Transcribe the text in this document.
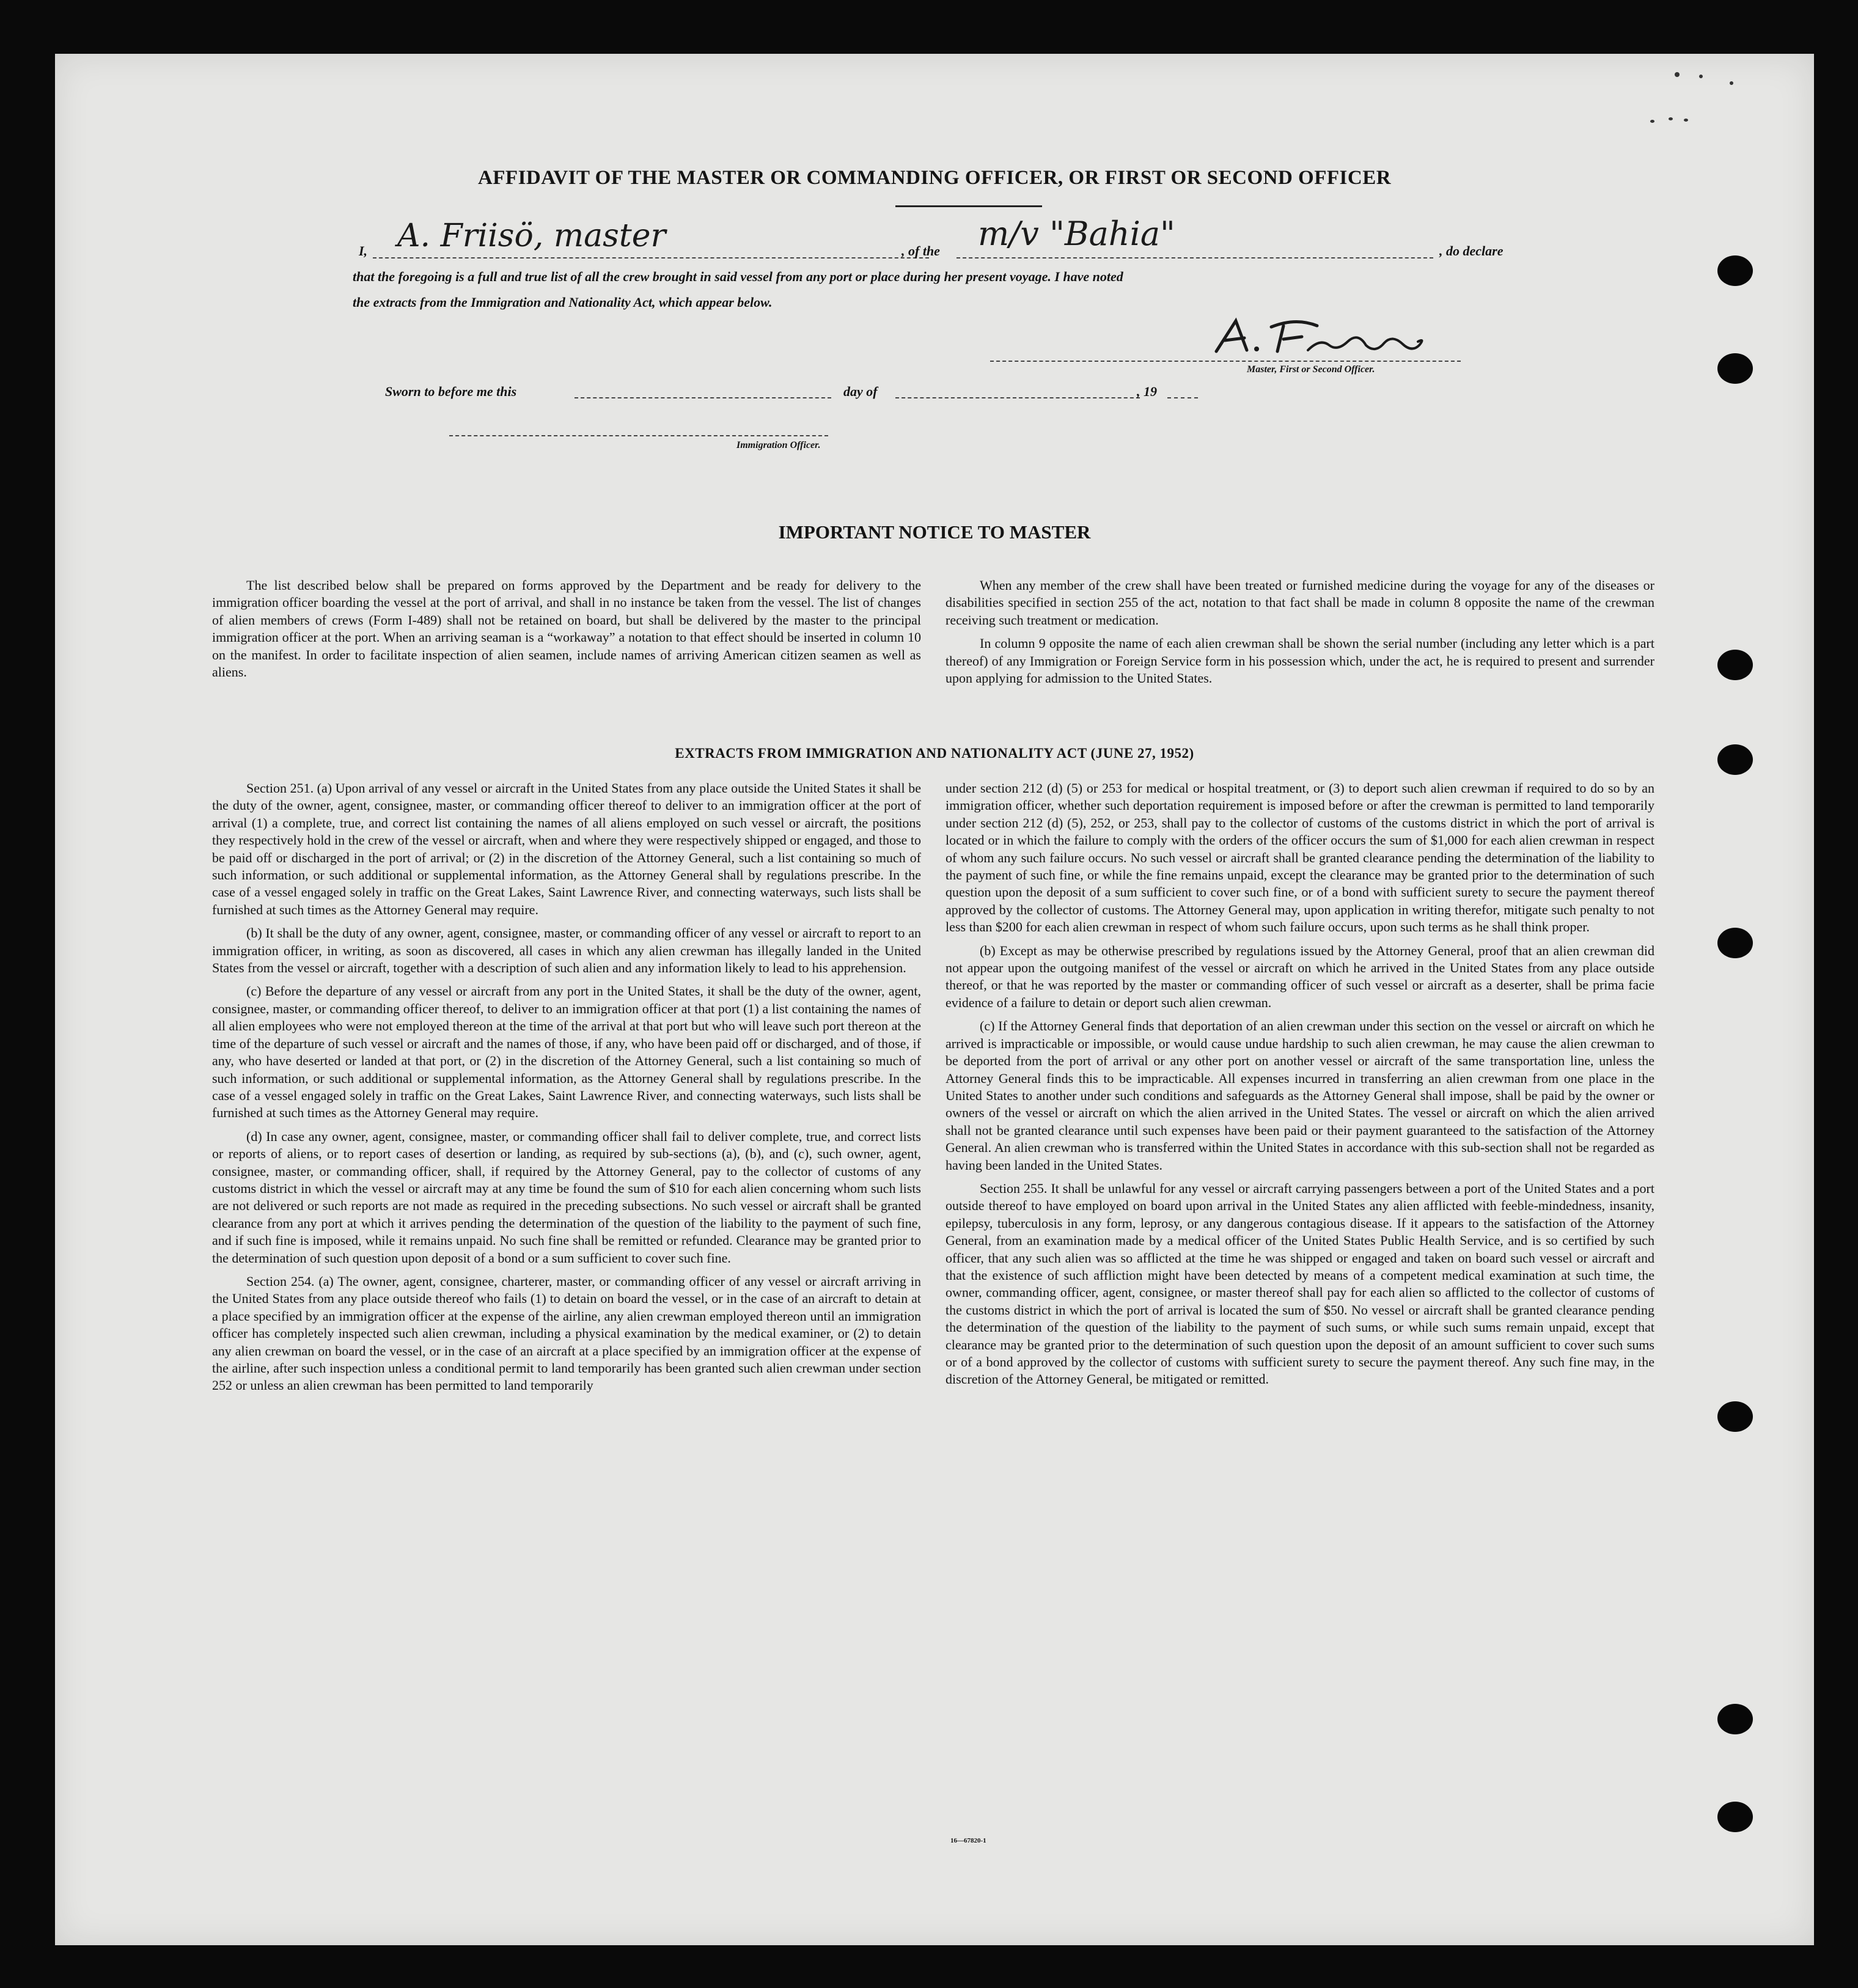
AFFIDAVIT OF THE MASTER OR COMMANDING OFFICER, OR FIRST OR SECOND OFFICER
I, A. Friisö, master	, of the m/v "Bahia"	, do declare
that the foregoing is a full and true list of all the crew brought in said vessel from any port or place during her present voyage. I have noted
the extracts from the Immigration and Nationality Act, which appear below.
Master, First or Second Officer.
Sworn to before me this	day of	, 19
Immigration Officer.
IMPORTANT NOTICE TO MASTER

The list described below shall be prepared on forms approved by the Department and be ready for delivery to the immigration officer boarding the vessel at the port of arrival, and shall in no instance be taken from the vessel. The list of changes of alien members of crews (Form I-489) shall not be retained on board, but shall be delivered by the master to the principal immigration officer at the port. When an arriving seaman is a “workaway” a notation to that effect should be inserted in column 10 on the manifest. In order to facilitate inspection of alien seamen, include names of arriving American citizen seamen as well as aliens.

When any member of the crew shall have been treated or furnished medicine during the voyage for any of the diseases or disabilities specified in section 255 of the act, notation to that fact shall be made in column 8 opposite the name of the crewman receiving such treatment or medication.

In column 9 opposite the name of each alien crewman shall be shown the serial number (including any letter which is a part thereof) of any Immigration or Foreign Service form in his possession which, under the act, he is required to present and surrender upon applying for admission to the United States.

EXTRACTS FROM IMMIGRATION AND NATIONALITY ACT (JUNE 27, 1952)

Section 251. (a) Upon arrival of any vessel or aircraft in the United States from any place outside the United States it shall be the duty of the owner, agent, consignee, master, or commanding officer thereof to deliver to an immigration officer at the port of arrival (1) a complete, true, and correct list containing the names of all aliens employed on such vessel or aircraft, the positions they respectively hold in the crew of the vessel or aircraft, when and where they were respectively shipped or engaged, and those to be paid off or discharged in the port of arrival; or (2) in the discretion of the Attorney General, such a list containing so much of such information, or such additional or supplemental information, as the Attorney General shall by regulations prescribe. In the case of a vessel engaged solely in traffic on the Great Lakes, Saint Lawrence River, and connecting waterways, such lists shall be furnished at such times as the Attorney General may require.

(b) It shall be the duty of any owner, agent, consignee, master, or commanding officer of any vessel or aircraft to report to an immigration officer, in writing, as soon as discovered, all cases in which any alien crewman has illegally landed in the United States from the vessel or aircraft, together with a description of such alien and any information likely to lead to his apprehension.

(c) Before the departure of any vessel or aircraft from any port in the United States, it shall be the duty of the owner, agent, consignee, master, or commanding officer thereof, to deliver to an immigration officer at that port (1) a list containing the names of all alien employees who were not employed thereon at the time of the arrival at that port but who will leave such port thereon at the time of the departure of such vessel or aircraft and the names of those, if any, who have been paid off or discharged, and of those, if any, who have deserted or landed at that port, or (2) in the discretion of the Attorney General, such a list containing so much of such information, or such additional or supplemental information, as the Attorney General shall by regulations prescribe. In the case of a vessel engaged solely in traffic on the Great Lakes, Saint Lawrence River, and connecting waterways, such lists shall be furnished at such times as the Attorney General may require.

(d) In case any owner, agent, consignee, master, or commanding officer shall fail to deliver complete, true, and correct lists or reports of aliens, or to report cases of desertion or landing, as required by sub-sections (a), (b), and (c), such owner, agent, consignee, master, or commanding officer, shall, if required by the Attorney General, pay to the collector of customs of any customs district in which the vessel or aircraft may at any time be found the sum of $10 for each alien concerning whom such lists are not delivered or such reports are not made as required in the preceding subsections. No such vessel or aircraft shall be granted clearance from any port at which it arrives pending the determination of the question of the liability to the payment of such fine, and if such fine is imposed, while it remains unpaid. No such fine shall be remitted or refunded. Clearance may be granted prior to the determination of such question upon deposit of a bond or a sum sufficient to cover such fine.

Section 254. (a) The owner, agent, consignee, charterer, master, or commanding officer of any vessel or aircraft arriving in the United States from any place outside thereof who fails (1) to detain on board the vessel, or in the case of an aircraft to detain at a place specified by an immigration officer at the expense of the airline, any alien crewman employed thereon until an immigration officer has completely inspected such alien crewman, including a physical examination by the medical examiner, or (2) to detain any alien crewman on board the vessel, or in the case of an aircraft at a place specified by an immigration officer at the expense of the airline, after such inspection unless a conditional permit to land temporarily has been granted such alien crewman under section 252 or unless an alien crewman has been permitted to land temporarily

under section 212 (d) (5) or 253 for medical or hospital treatment, or (3) to deport such alien crewman if required to do so by an immigration officer, whether such deportation requirement is imposed before or after the crewman is permitted to land temporarily under section 212 (d) (5), 252, or 253, shall pay to the collector of customs of the customs district in which the port of arrival is located or in which the failure to comply with the orders of the officer occurs the sum of $1,000 for each alien crewman in respect of whom any such failure occurs. No such vessel or aircraft shall be granted clearance pending the determination of the liability to the payment of such fine, or while the fine remains unpaid, except the clearance may be granted prior to the determination of such question upon the deposit of a sum sufficient to cover such fine, or of a bond with sufficient surety to secure the payment thereof approved by the collector of customs. The Attorney General may, upon application in writing therefor, mitigate such penalty to not less than $200 for each alien crewman in respect of whom such failure occurs, upon such terms as he shall think proper.

(b) Except as may be otherwise prescribed by regulations issued by the Attorney General, proof that an alien crewman did not appear upon the outgoing manifest of the vessel or aircraft on which he arrived in the United States from any place outside thereof, or that he was reported by the master or commanding officer of such vessel or aircraft as a deserter, shall be prima facie evidence of a failure to detain or deport such alien crewman.

(c) If the Attorney General finds that deportation of an alien crewman under this section on the vessel or aircraft on which he arrived is impracticable or impossible, or would cause undue hardship to such alien crewman, he may cause the alien crewman to be deported from the port of arrival or any other port on another vessel or aircraft of the same transportation line, unless the Attorney General finds this to be impracticable. All expenses incurred in transferring an alien crewman from one place in the United States to another under such conditions and safeguards as the Attorney General shall impose, shall be paid by the owner or owners of the vessel or aircraft on which the alien arrived in the United States. The vessel or aircraft on which the alien arrived shall not be granted clearance until such expenses have been paid or their payment guaranteed to the satisfaction of the Attorney General. An alien crewman who is transferred within the United States in accordance with this sub-section shall not be regarded as having been landed in the United States.

Section 255. It shall be unlawful for any vessel or aircraft carrying passengers between a port of the United States and a port outside thereof to have employed on board upon arrival in the United States any alien afflicted with feeble-mindedness, insanity, epilepsy, tuberculosis in any form, leprosy, or any dangerous contagious disease. If it appears to the satisfaction of the Attorney General, from an examination made by a medical officer of the United States Public Health Service, and is so certified by such officer, that any such alien was so afflicted at the time he was shipped or engaged and taken on board such vessel or aircraft and that the existence of such affliction might have been detected by means of a competent medical examination at such time, the owner, commanding officer, agent, consignee, or master thereof shall pay for each alien so afflicted to the collector of customs of the customs district in which the port of arrival is located the sum of $50. No vessel or aircraft shall be granted clearance pending the determination of the question of the liability to the payment of such sums, or while such sums remain unpaid, except that clearance may be granted prior to the determination of such question upon the deposit of an amount sufficient to cover such sums or of a bond approved by the collector of customs with sufficient surety to secure the payment thereof. Any such fine may, in the discretion of the Attorney General, be mitigated or remitted.

16—67820-1
